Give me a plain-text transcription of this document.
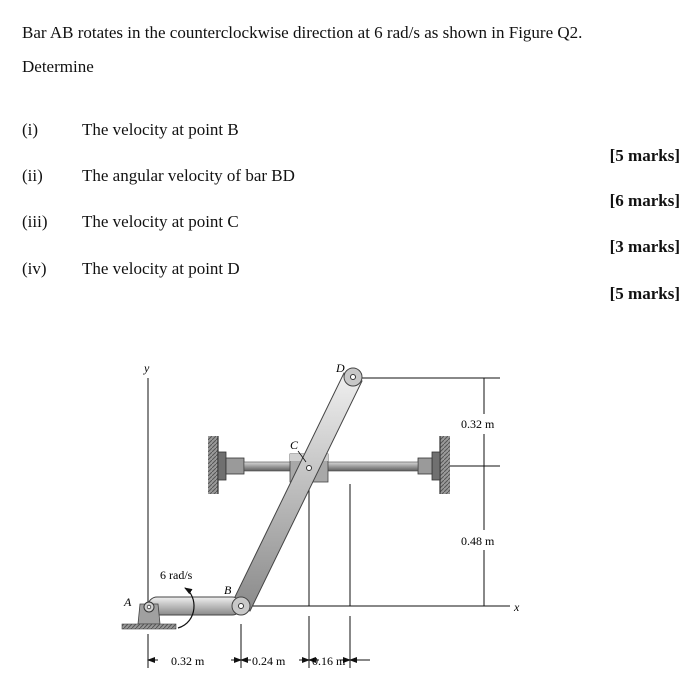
Bar AB rotates in the counterclockwise direction at 6 rad/s as shown in Figure Q2.

Determine

(i)	The velocity at point B
[5 marks]
(ii) The angular velocity of bar BD
[6 marks]
(iii) The velocity at point C
[3 marks]
(iv) The velocity at point D
[5 marks]
y
x
6 rad/s
A
B
C
D
0.32 m
0.48 m
0.32 m	0.24 m 0.16 m
